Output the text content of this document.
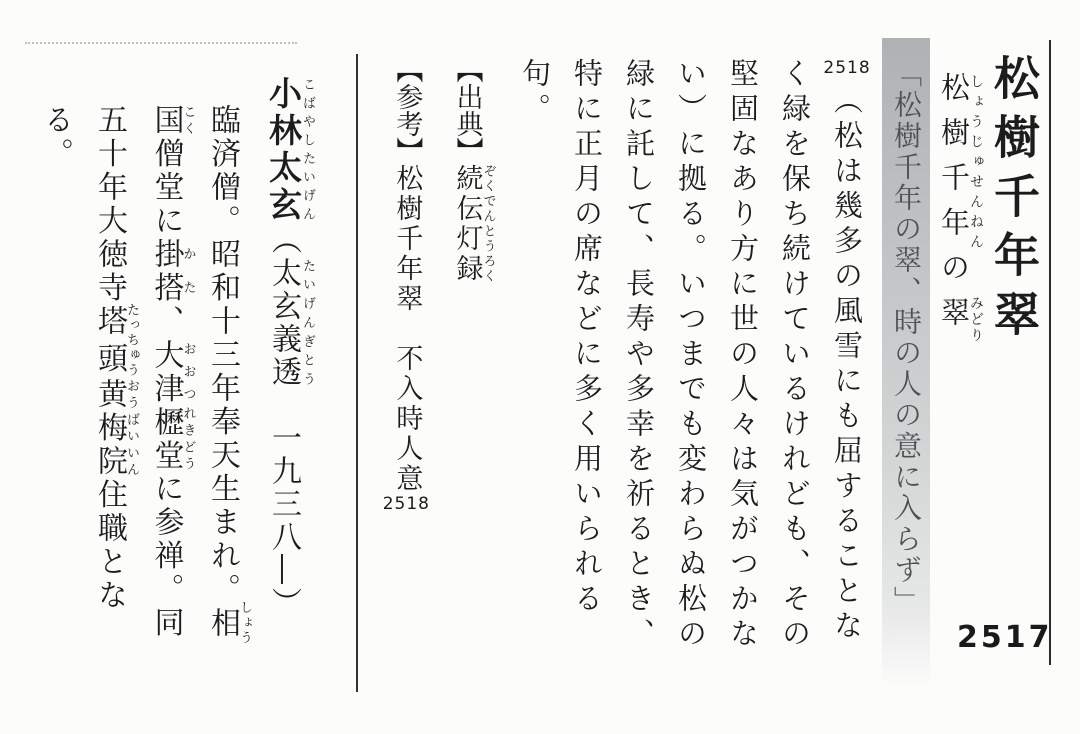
松樹千年翠
松樹千年しょうじゅせんねんの翠みどり
「松樹千年の翠、時の人の意に入らず」
2518（松は幾多の風雪にも屈することな
く緑を保ち続けているけれども、その
堅固なあり方に世の人々は気がつかな
い）に拠る。いつまでも変わらぬ松の
緑に託して、長寿や多幸を祈るとき、
特に正月の席などに多く用いられる
句。
【出典】続伝灯録ぞくでんとうろく
【参考】松樹千年翠　不入時人意2518
小林太玄こばやしたいげん（太玄義透 たいげんぎとう　一九三八―）
臨済僧。昭和十三年奉天生まれ。相しょう
国こく僧堂に掛搭かた、大津おおつ櫪堂れきどうに参禅。同
五十年大徳寺塔頭たっちゅう黄梅院おうばいいん住職とな
る。
2517
